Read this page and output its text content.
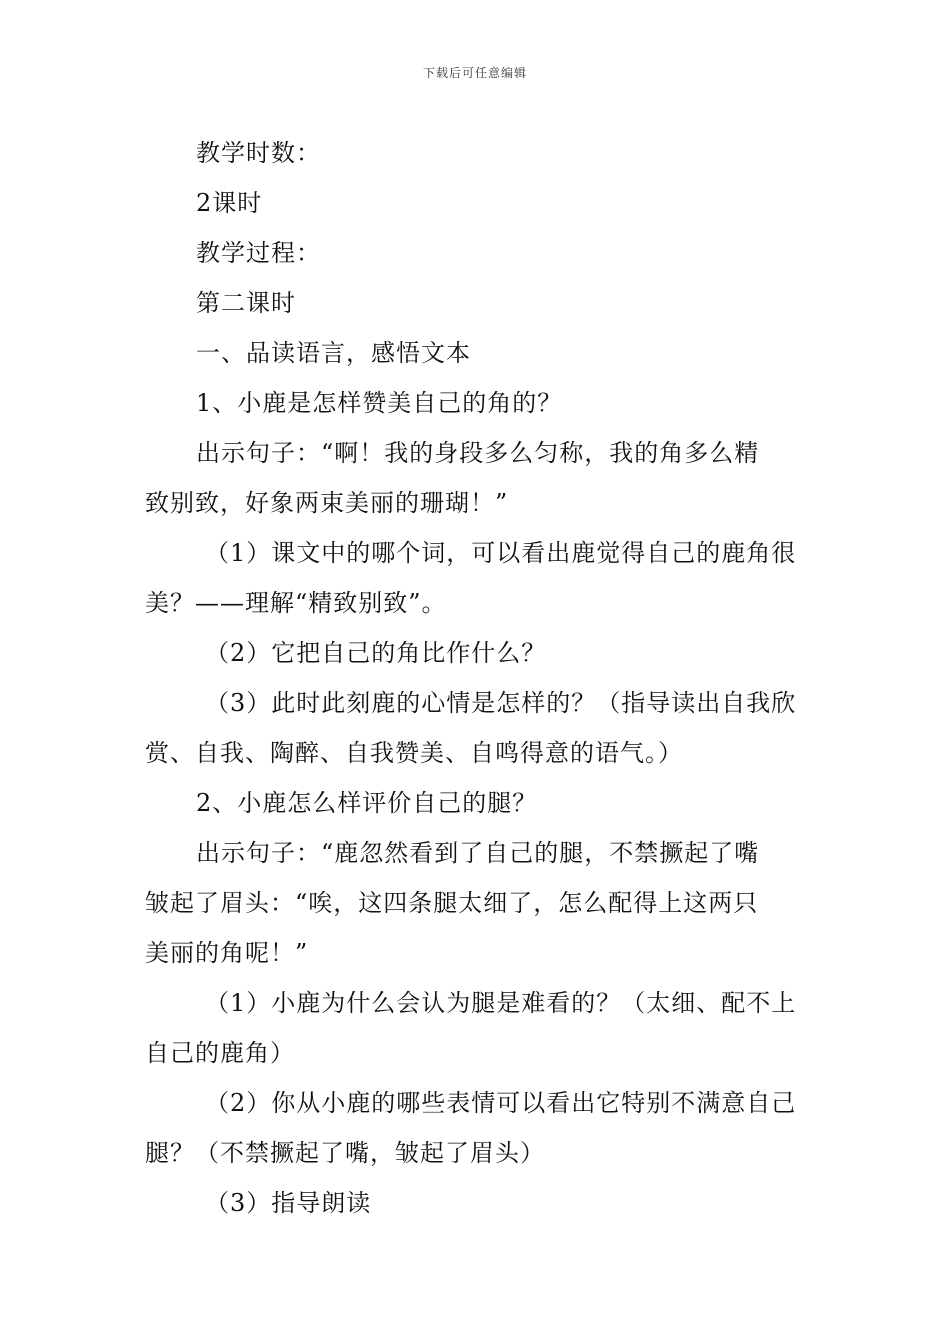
下载后可任意编辑
教学时数：
2课时
教学过程：
第二课时
一、品读语言，感悟文本
1、小鹿是怎样赞美自己的角的？
出示句子：“啊！我的身段多么匀称，我的角多么精
致别致，好象两束美丽的珊瑚！”
（1）课文中的哪个词，可以看出鹿觉得自己的鹿角很
美？——理解“精致别致”。
（2）它把自己的角比作什么？
（3）此时此刻鹿的心情是怎样的？（指导读出自我欣
赏、自我、陶醉、自我赞美、自鸣得意的语气。）
2、小鹿怎么样评价自己的腿？
出示句子：“鹿忽然看到了自己的腿，不禁撅起了嘴
皱起了眉头：“唉，这四条腿太细了，怎么配得上这两只
美丽的角呢！”
（1）小鹿为什么会认为腿是难看的？（太细、配不上
自己的鹿角）
（2）你从小鹿的哪些表情可以看出它特别不满意自己
腿？（不禁撅起了嘴，皱起了眉头）
（3）指导朗读
